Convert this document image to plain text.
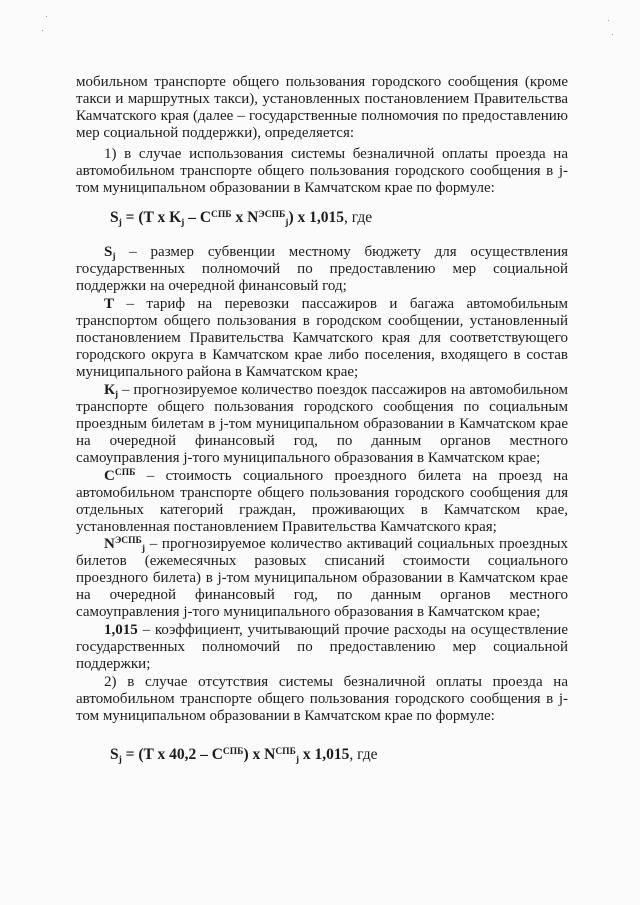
мобильном транспорте общего пользования городского сообщения (кроме такси и маршрутных такси), установленных постановлением Правительства Камчатского края (далее – государственные полномочия по предоставлению мер социальной поддержки), определяется:

1) в случае использования системы безналичной оплаты проезда на автомобильном транспорте общего пользования городского сообщения в j-том муниципальном образовании в Камчатском крае по формуле:

$S_j = (T$ x $K_j - C^{СПБ}$ x $N^{ЭСПБ}_j$) x 1,015, где

$S_j$ – размер субвенции местному бюджету для осуществления государственных полномочий по предоставлению мер социальной поддержки на очередной финансовый год;

Т – тариф на перевозки пассажиров и багажа автомобильным транспортом общего пользования в городском сообщении, установленный постановлением Правительства Камчатского края для соответствующего городского округа в Камчатском крае либо поселения, входящего в состав муниципального района в Камчатском крае;

$К_j$ – прогнозируемое количество поездок пассажиров на автомобильном транспорте общего пользования городского сообщения по социальным проездным билетам в j-том муниципальном образовании в Камчатском крае на очередной финансовый год, по данным органов местного самоуправления j-того муниципального образования в Камчатском крае;

$С^{СПБ}$ – стоимость социального проездного билета на проезд на автомобильном транспорте общего пользования городского сообщения для отдельных категорий граждан, проживающих в Камчатском крае, установленная постановлением Правительства Камчатского края;

$N^{ЭСПБ}_j$ – прогнозируемое количество активаций социальных проездных билетов (ежемесячных разовых списаний стоимости социального проездного билета) в j-том муниципальном образовании в Камчатском крае на очередной финансовый год, по данным органов местного самоуправления j-того муниципального образования в Камчатском крае;

1,015 – коэффициент, учитывающий прочие расходы на осуществление государственных полномочий по предоставлению мер социальной поддержки;

2) в случае отсутствия системы безналичной оплаты проезда на автомобильном транспорте общего пользования городского сообщения в j-том муниципальном образовании в Камчатском крае по формуле:

$S_j = (T$ x $40,2 - C^{СПБ}$) x $N^{СПБ}_j$ x 1,015, где
